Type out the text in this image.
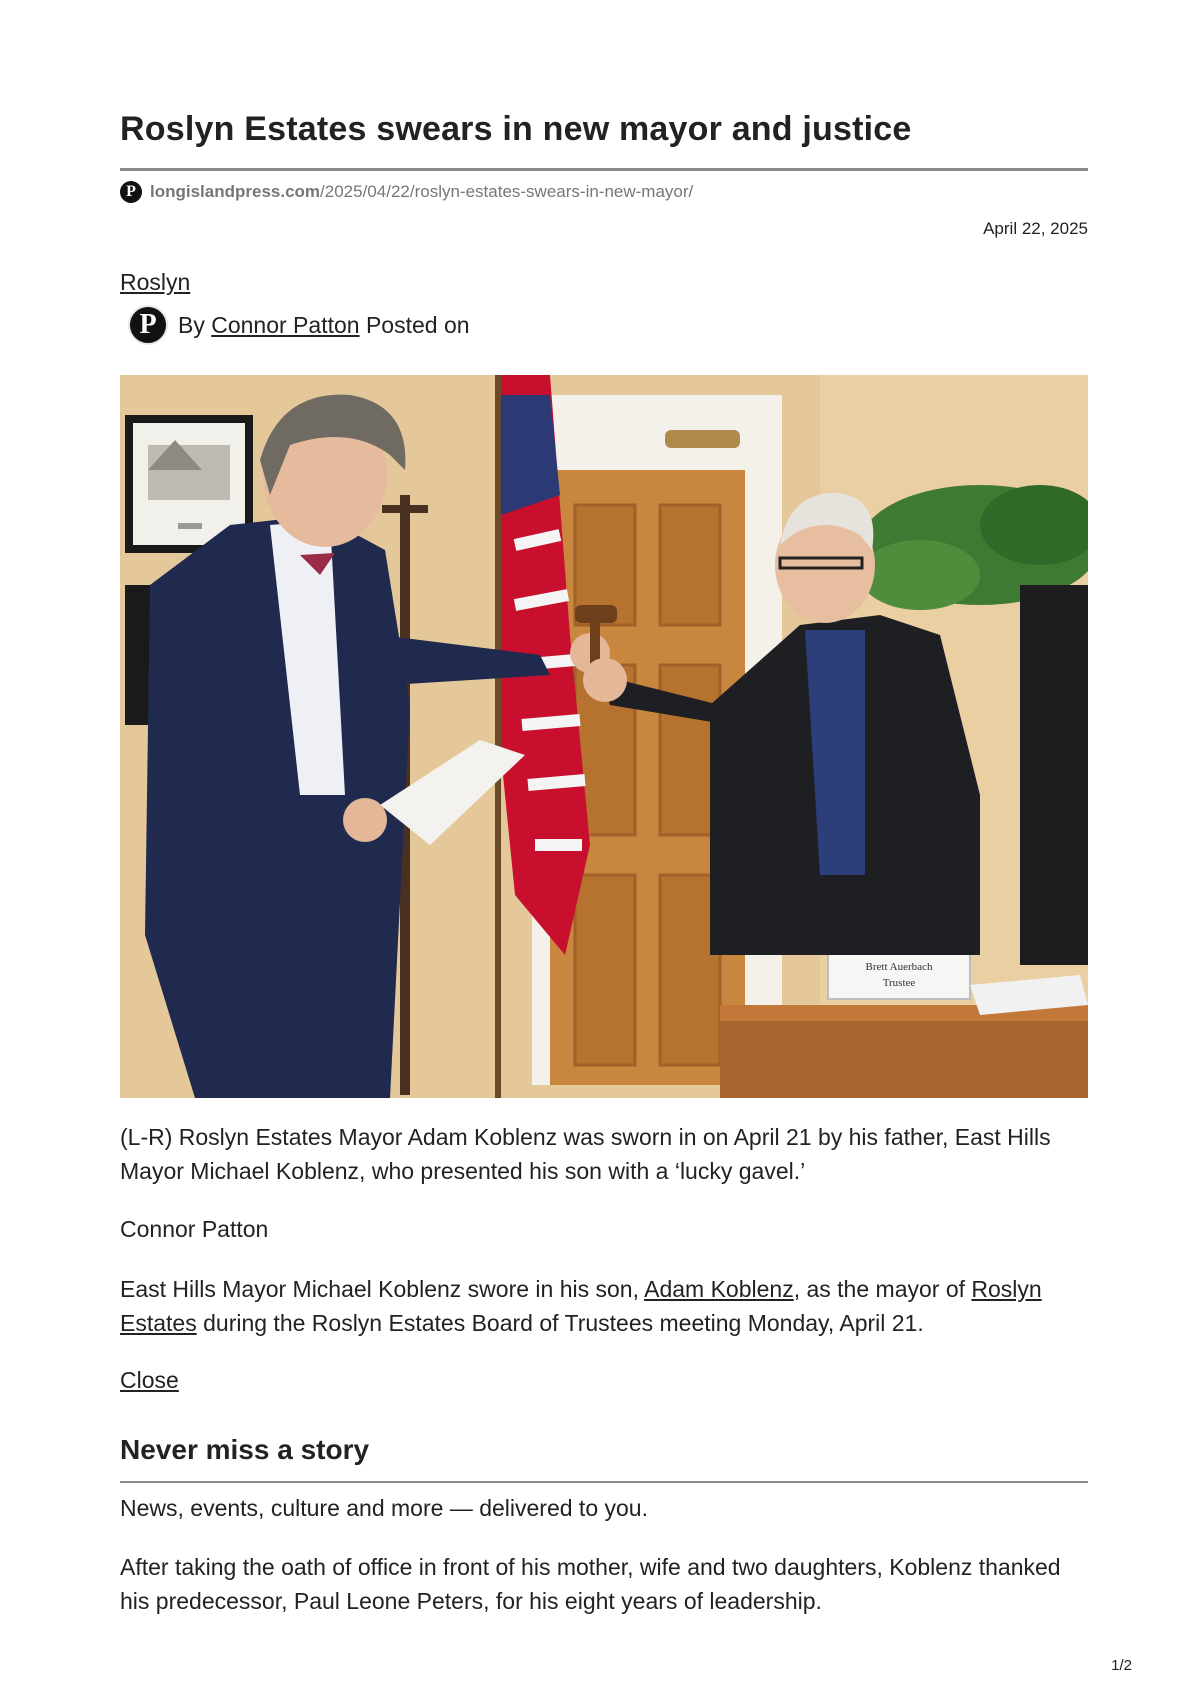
Roslyn Estates swears in new mayor and justice
P longislandpress.com /2025/04/22/roslyn-estates-swears-in-new-mayor/
April 22, 2025
Roslyn
P By Connor Patton Posted on
Brett Auerbach
Trustee

(L-R) Roslyn Estates Mayor Adam Koblenz was sworn in on April 21 by his father, East Hills Mayor Michael Koblenz, who presented his son with a ‘lucky gavel.’

Connor Patton

East Hills Mayor Michael Koblenz swore in his son, Adam Koblenz, as the mayor of Roslyn Estates during the Roslyn Estates Board of Trustees meeting Monday, April 21.

Close
Never miss a story
News, events, culture and more — delivered to you.

After taking the oath of office in front of his mother, wife and two daughters, Koblenz thanked his predecessor, Paul Leone Peters, for his eight years of leadership.

1/2
